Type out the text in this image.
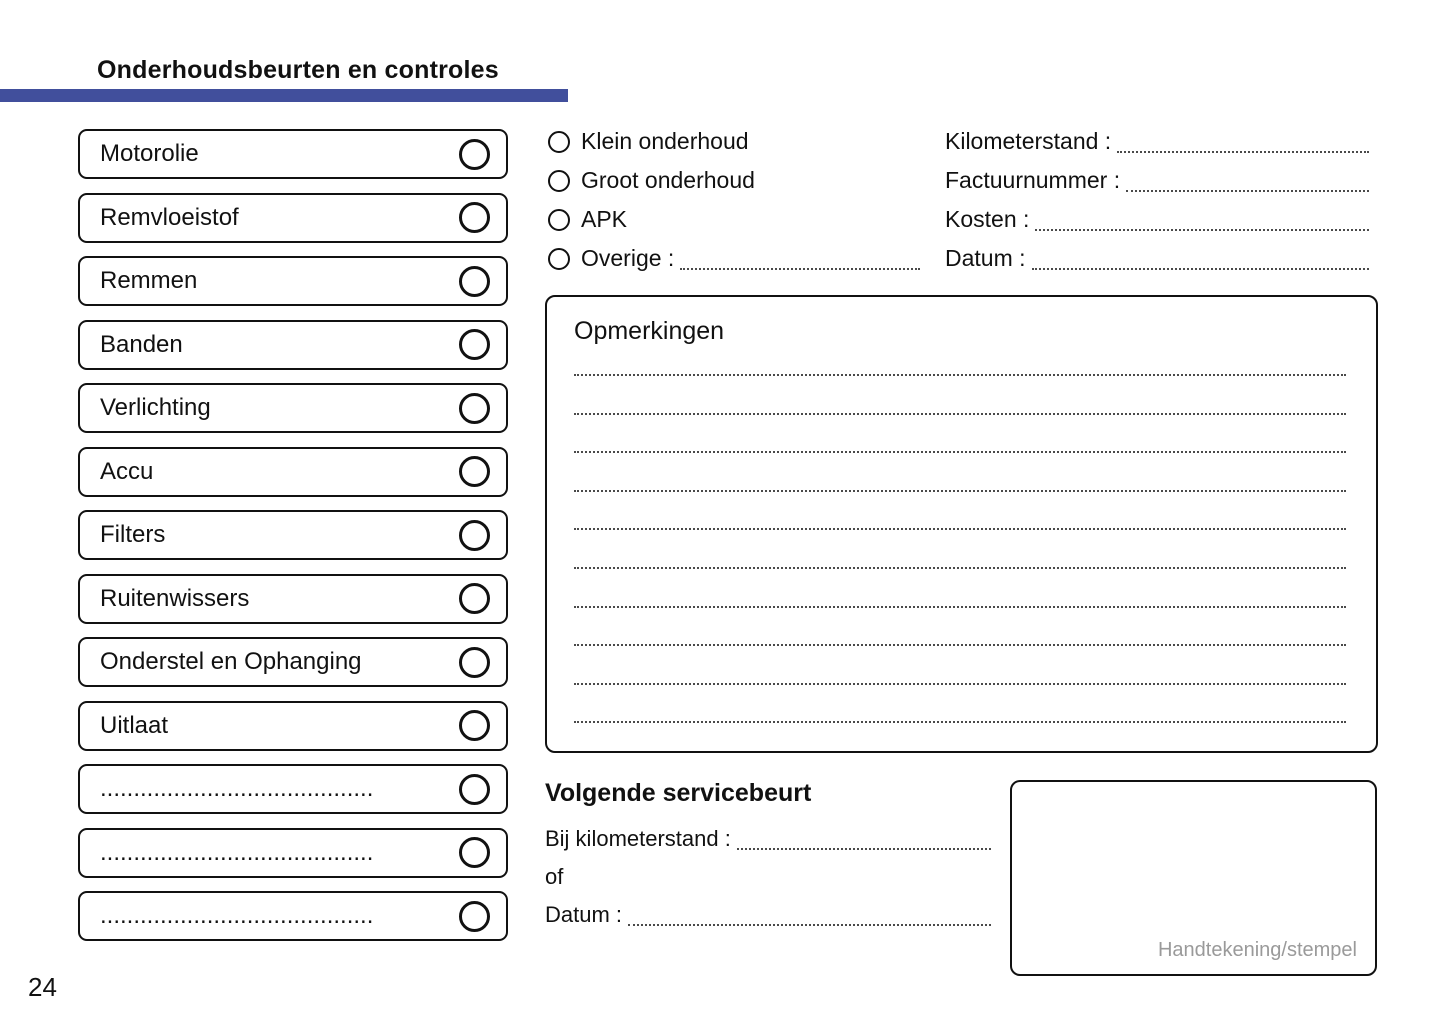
Onderhoudsbeurten en controles
Motorolie
Remvloeistof
Remmen
Banden
Verlichting
Accu
Filters
Ruitenwissers
Onderstel en Ophanging
Uitlaat
.........................................
.........................................
.........................................
Klein onderhoud
Groot onderhoud
APK
Overige :
Kilometerstand :
Factuurnummer :
Kosten :
Datum :
Opmerkingen
Volgende servicebeurt
Bij kilometerstand :
of
Datum :
Handtekening/stempel
24
